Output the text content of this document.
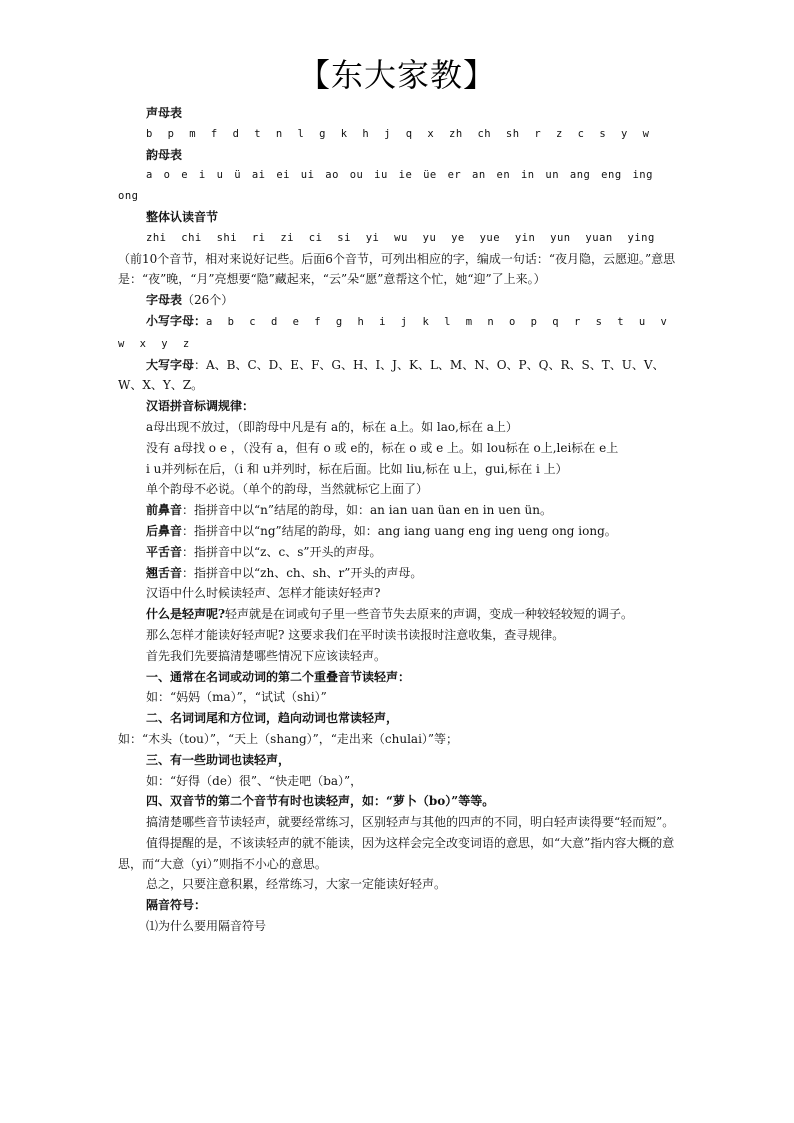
【东大家教】

声母表

b p m f d t n l g k h j q x zh ch sh r z c s y w

韵母表

a o e i u ü ai ei ui ao ou iu ie üe er an en in un ang eng ing ong

整体认读音节

zhi chi shi ri zi ci si yi wu yu ye yue yin yun yuan ying

（前10个音节，相对来说好记些。后面6个音节，可列出相应的字，编成一句话：“夜月隐，云愿迎。”意思是：“夜”晚，“月”亮想要“隐”藏起来，“云”朵“愿”意帮这个忙，她“迎”了上来。）

字母表（26个）

小写字母：a b c d e f g h i j k l m n o p q r s t u v w x y z

大写字母：A、B、C、D、E、F、G、H、I、J、K、L、M、N、O、P、Q、R、S、T、U、V、W、X、Y、Z。

汉语拼音标调规律：

a母出现不放过，（即韵母中凡是有 a的，标在 a上。如 lao,标在 a上）

没有 a母找 o e ，（没有 a，但有 o 或 e的，标在 o 或 e 上。如 lou标在 o上,lei标在 e上

i u并列标在后，（i 和 u并列时，标在后面。比如 liu,标在 u上，gui,标在 i 上）

单个韵母不必说。（单个的韵母，当然就标它上面了）

前鼻音：指拼音中以“n”结尾的韵母，如：an ian uan üan en in uen ün。

后鼻音：指拼音中以“ng”结尾的韵母，如：ang iang uang eng ing ueng ong iong。

平舌音：指拼音中以“z、c、s”开头的声母。

翘舌音：指拼音中以“zh、ch、sh、r”开头的声母。

汉语中什么时候读轻声、怎样才能读好轻声?

什么是轻声呢?轻声就是在词或句子里一些音节失去原来的声调，变成一种较轻较短的调子。

那么怎样才能读好轻声呢? 这要求我们在平时读书读报时注意收集，查寻规律。

首先我们先要搞清楚哪些情况下应该读轻声。

一、通常在名词或动词的第二个重叠音节读轻声：

如：“妈妈（ma）”，“试试（shi）”

二、名词词尾和方位词，趋向动词也常读轻声，

如：“木头（tou）”，“天上（shang）”，“走出来（chulai）”等；

三、有一些助词也读轻声，

如：“好得（de）很”、“快走吧（ba）”，

四、双音节的第二个音节有时也读轻声，如：“萝卜（bo）”等等。

搞清楚哪些音节读轻声，就要经常练习，区别轻声与其他的四声的不同，明白轻声读得要“轻而短”。

值得提醒的是，不该读轻声的就不能读，因为这样会完全改变词语的意思，如“大意”指内容大概的意思，而“大意（yi）”则指不小心的意思。

总之，只要注意积累，经常练习，大家一定能读好轻声。

隔音符号：

⑴为什么要用隔音符号
